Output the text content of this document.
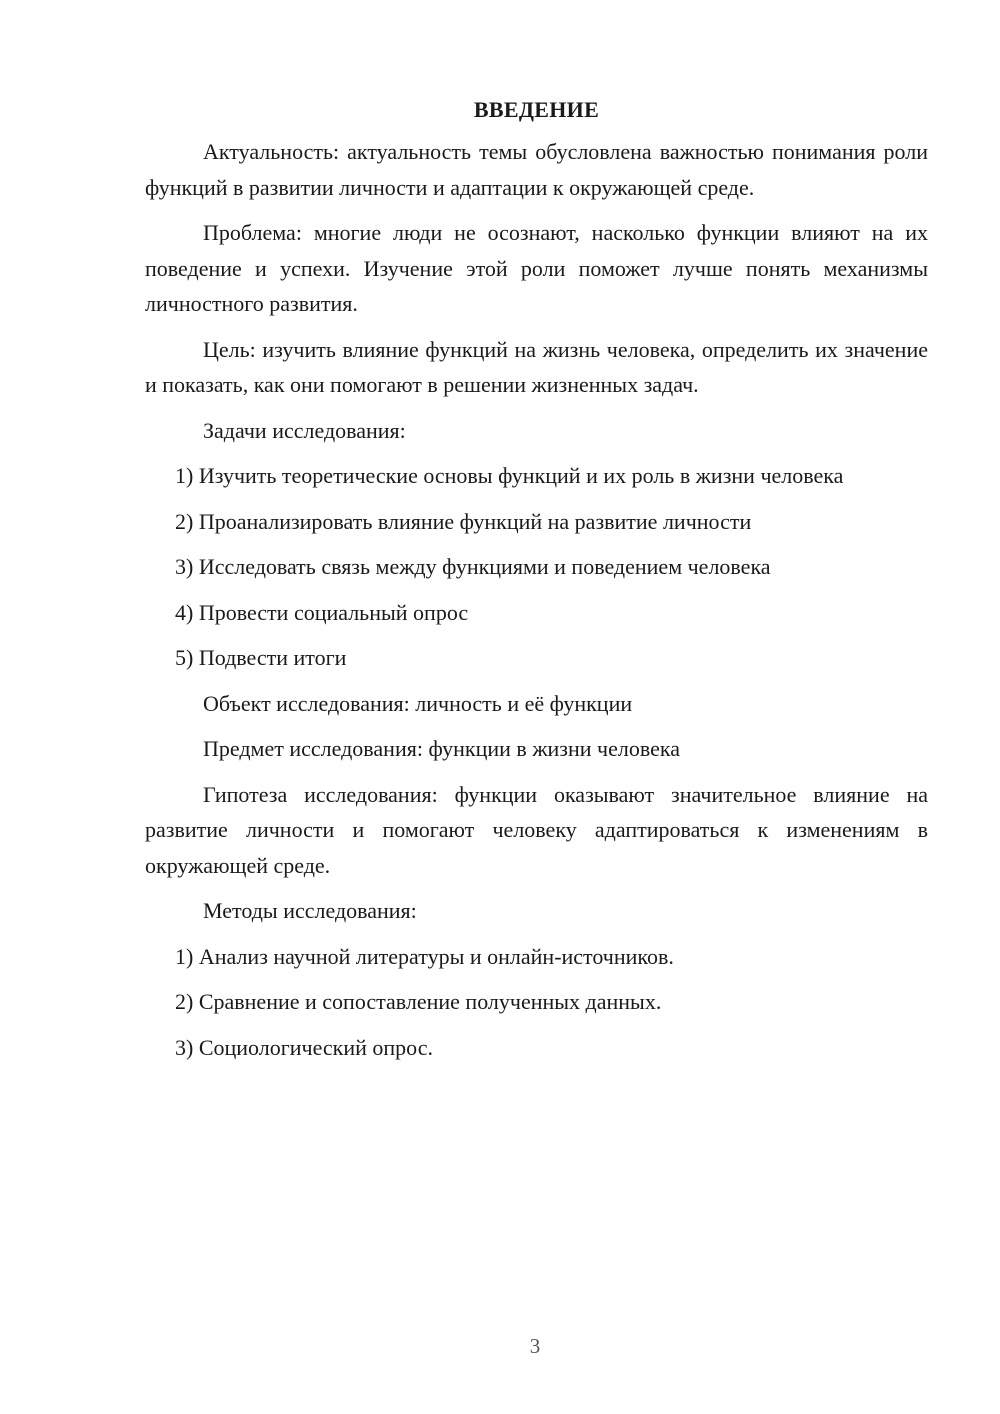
ВВЕДЕНИЕ

Актуальность: актуальность темы обусловлена важностью понимания роли функций в развитии личности и адаптации к окружающей среде.

Проблема: многие люди не осознают, насколько функции влияют на их поведение и успехи. Изучение этой роли поможет лучше понять механизмы личностного развития.

Цель: изучить влияние функций на жизнь человека, определить их значение и показать, как они помогают в решении жизненных задач.

Задачи исследования:
1) Изучить теоретические основы функций и их роль в жизни человека
2) Проанализировать влияние функций на развитие личности
3) Исследовать связь между функциями и поведением человека
4) Провести социальный опрос
5) Подвести итоги
Объект исследования: личность и её функции
Предмет исследования: функции в жизни человека

Гипотеза исследования: функции оказывают значительное влияние на развитие личности и помогают человеку адаптироваться к изменениям в окружающей среде.

Методы исследования:
1) Анализ научной литературы и онлайн-источников.
2) Сравнение и сопоставление полученных данных.
3) Социологический опрос.
3
